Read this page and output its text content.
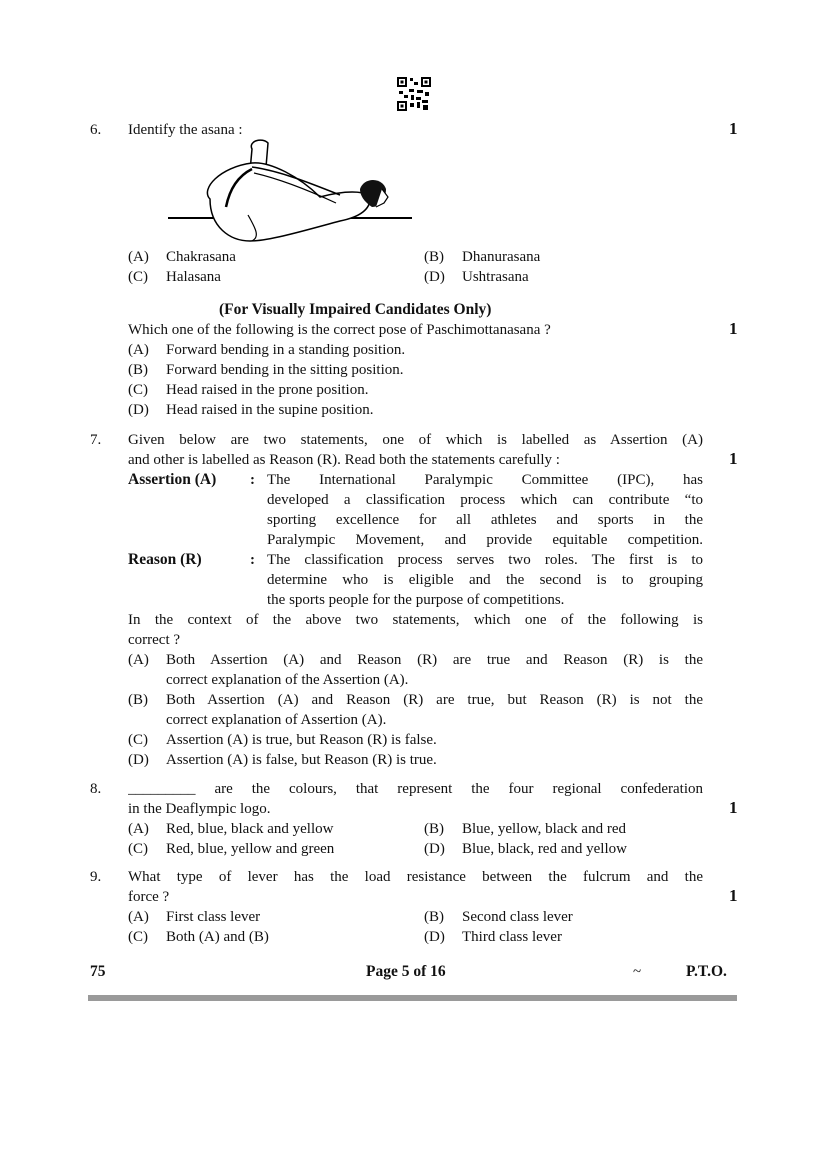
6. Identify the asana :	1
(A) Chakrasana	(B) Dhanurasana
(C) Halasana	(D) Ushtrasana
(For Visually Impaired Candidates Only)
Which one of the following is the correct pose of Paschimottanasana ?	1
(A) Forward bending in a standing position.
(B) Forward bending in the sitting position.
(C) Head raised in the prone position.
(D) Head raised in the supine position.
7. Given below are two statements, one of which is labelled as Assertion (A)
and other is labelled as Reason (R). Read both the statements carefully :	1
Assertion (A) : The International Paralympic Committee (IPC), has
developed a classification process which can contribute “to
sporting excellence for all athletes and sports in the
Paralympic Movement, and provide equitable competition.
Reason (R)	: The classification process serves two roles. The first is to
determine who is eligible and the second is to grouping
the sports people for the purpose of competitions.
In the context of the above two statements, which one of the following is
correct ?
(A) Both Assertion (A) and Reason (R) are true and Reason (R) is the
correct explanation of the Assertion (A).
(B) Both Assertion (A) and Reason (R) are true, but Reason (R) is not the
correct explanation of Assertion (A).
(C) Assertion (A) is true, but Reason (R) is false.
(D) Assertion (A) is false, but Reason (R) is true.
8. _________ are the colours, that represent the four regional confederation
in the Deaflympic logo.	1
(A) Red, blue, black and yellow	(B) Blue, yellow, black and red
(C) Red, blue, yellow and green	(D) Blue, black, red and yellow
9. What type of lever has the load resistance between the fulcrum and the
force ?	1
(A) First class lever	(B) Second class lever
(C) Both (A) and (B)	(D) Third class lever
75	Page 5 of 16	~	P.T.O.
